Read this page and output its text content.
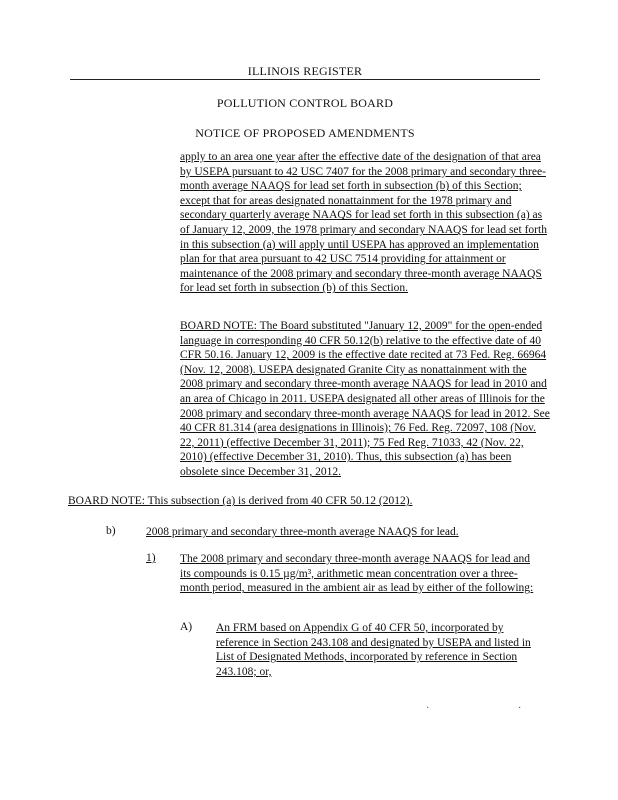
ILLINOIS REGISTER
POLLUTION CONTROL BOARD
NOTICE OF PROPOSED AMENDMENTS
apply to an area one year after the effective date of the designation of that area by USEPA pursuant to 42 USC 7407 for the 2008 primary and secondary three-month average NAAQS for lead set forth in subsection (b) of this Section; except that for areas designated nonattainment for the 1978 primary and secondary quarterly average NAAQS for lead set forth in this subsection (a) as of January 12, 2009, the 1978 primary and secondary NAAQS for lead set forth in this subsection (a) will apply until USEPA has approved an implementation plan for that area pursuant to 42 USC 7514 providing for attainment or maintenance of the 2008 primary and secondary three-month average NAAQS for lead set forth in subsection (b) of this Section.
BOARD NOTE: The Board substituted "January 12, 2009" for the open-ended language in corresponding 40 CFR 50.12(b) relative to the effective date of 40 CFR 50.16. January 12, 2009 is the effective date recited at 73 Fed. Reg. 66964 (Nov. 12, 2008). USEPA designated Granite City as nonattainment with the 2008 primary and secondary three-month average NAAQS for lead in 2010 and an area of Chicago in 2011. USEPA designated all other areas of Illinois for the 2008 primary and secondary three-month average NAAQS for lead in 2012. See 40 CFR 81.314 (area designations in Illinois); 76 Fed. Reg. 72097, 108 (Nov. 22, 2011) (effective December 31, 2011); 75 Fed Reg. 71033, 42 (Nov. 22, 2010) (effective December 31, 2010). Thus, this subsection (a) has been obsolete since December 31, 2012.
BOARD NOTE: This subsection (a) is derived from 40 CFR 50.12 (2012).
b)	2008 primary and secondary three-month average NAAQS for lead.
1) The 2008 primary and secondary three-month average NAAQS for lead and its compounds is 0.15 µg/m³, arithmetic mean concentration over a three-month period, measured in the ambient air as lead by either of the following:
A) An FRM based on Appendix G of 40 CFR 50, incorporated by reference in Section 243.108 and designated by USEPA and listed in List of Designated Methods, incorporated by reference in Section 243.108; or,
·	·
